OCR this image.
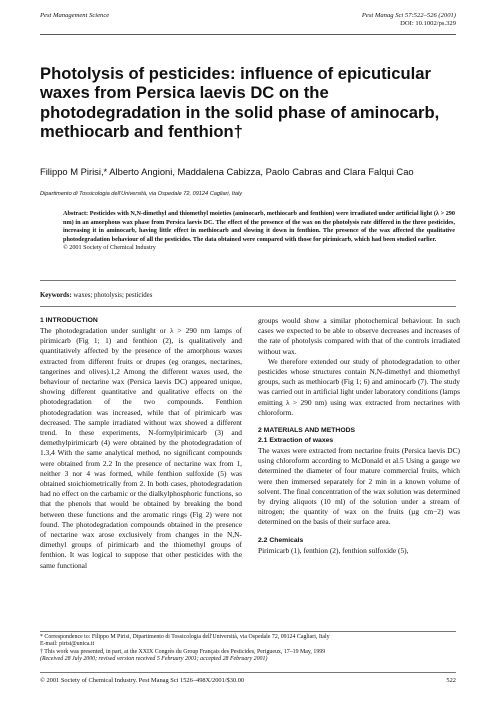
Pest Management Science	Pest Manag Sci 57:522–526 (2001)
DOI: 10.1002/ps.329
Photolysis of pesticides: influence of epicuticular waxes from Persica laevis DC on the photodegradation in the solid phase of aminocarb, methiocarb and fenthion†
Filippo M Pirisi,* Alberto Angioni, Maddalena Cabizza, Paolo Cabras and Clara Falqui Cao
Dipartimento di Tossicologia dell'Università, via Ospedale 72, 09124 Cagliari, Italy
Abstract: Pesticides with N,N-dimethyl and thiomethyl moieties (aminocarb, methiocarb and fenthion) were irradiated under artificial light (λ > 290 nm) in an amorphous wax phase from Persica laevis DC. The effect of the presence of the wax on the photolysis rate differed in the three pesticides, increasing it in aminocarb, having little effect in methiocarb and slowing it down in fenthion. The presence of the wax affected the qualitative photodegradation behaviour of all the pesticides. The data obtained were compared with those for pirimicarb, which had been studied earlier.
© 2001 Society of Chemical Industry
Keywords: waxes; photolysis; pesticides
1 INTRODUCTION

The photodegradation under sunlight or λ > 290 nm lamps of pirimicarb (Fig 1; 1) and fenthion (2), is qualitatively and quantitatively affected by the presence of the amorphous waxes extracted from different fruits or drupes (eg oranges, nectarines, tangerines and olives).1,2 Among the different waxes used, the behaviour of nectarine wax (Persica laevis DC) appeared unique, showing different quantitative and qualitative effects on the photodegradation of the two compounds. Fenthion photodegradation was increased, while that of pirimicarb was decreased. The sample irradiated without wax showed a different trend. In these experiments, N-formylpirimicarb (3) and demethylpirimicarb (4) were obtained by the photodegradation of 1.3,4 With the same analytical method, no significant compounds were obtained from 2.2 In the presence of nectarine wax from 1, neither 3 nor 4 was formed, while fenthion sulfoxide (5) was obtained stoichiometrically from 2. In both cases, photodegradation had no effect on the carbamic or the dialkylphosphoric functions, so that the phenols that would be obtained by breaking the bond between these functions and the aromatic rings (Fig 2) were not found. The photodegradation compounds obtained in the presence of nectarine wax arose exclusively from changes in the N,N-dimethyl groups of pirimicarb and the thiomethyl groups of fenthion. It was logical to suppose that other pesticides with the same functional

groups would show a similar photochemical behaviour. In such cases we expected to be able to observe decreases and increases of the rate of photolysis compared with that of the controls irradiated without wax.

We therefore extended our study of photodegradation to other pesticides whose structures contain N,N-dimethyl and thiomethyl groups, such as methiocarb (Fig 1; 6) and aminocarb (7). The study was carried out in artificial light under laboratory conditions (lamps emitting λ > 290 nm) using wax extracted from nectarines with chloroform.

2 MATERIALS AND METHODS
2.1 Extraction of waxes

The waxes were extracted from nectarine fruits (Persica laevis DC) using chloroform according to McDonald et al.5 Using a gauge we determined the diameter of four mature commercial fruits, which were then immersed separately for 2 min in a known volume of solvent. The final concentration of the wax solution was determined by drying aliquots (10 ml) of the solution under a stream of nitrogen; the quantity of wax on the fruits (µg cm−2) was determined on the basis of their surface area.

2.2 Chemicals

Pirimicarb (1), fenthion (2), fenthion sulfoxide (5),

* Correspondence to: Filippo M Pirisi, Dipartimento di Tossicologia dell'Università, via Ospedale 72, 09124 Cagliari, Italy
E-mail: pirisi@unica.it
† This work was presented, in part, at the XXIX Congrès du Group Français des Pesticides, Perigueux, 17–19 May, 1999
(Received 28 July 2000; revised version received 5 February 2001; accepted 28 February 2001)
© 2001 Society of Chemical Industry. Pest Manag Sci 1526–498X/2001/$30.00	522
